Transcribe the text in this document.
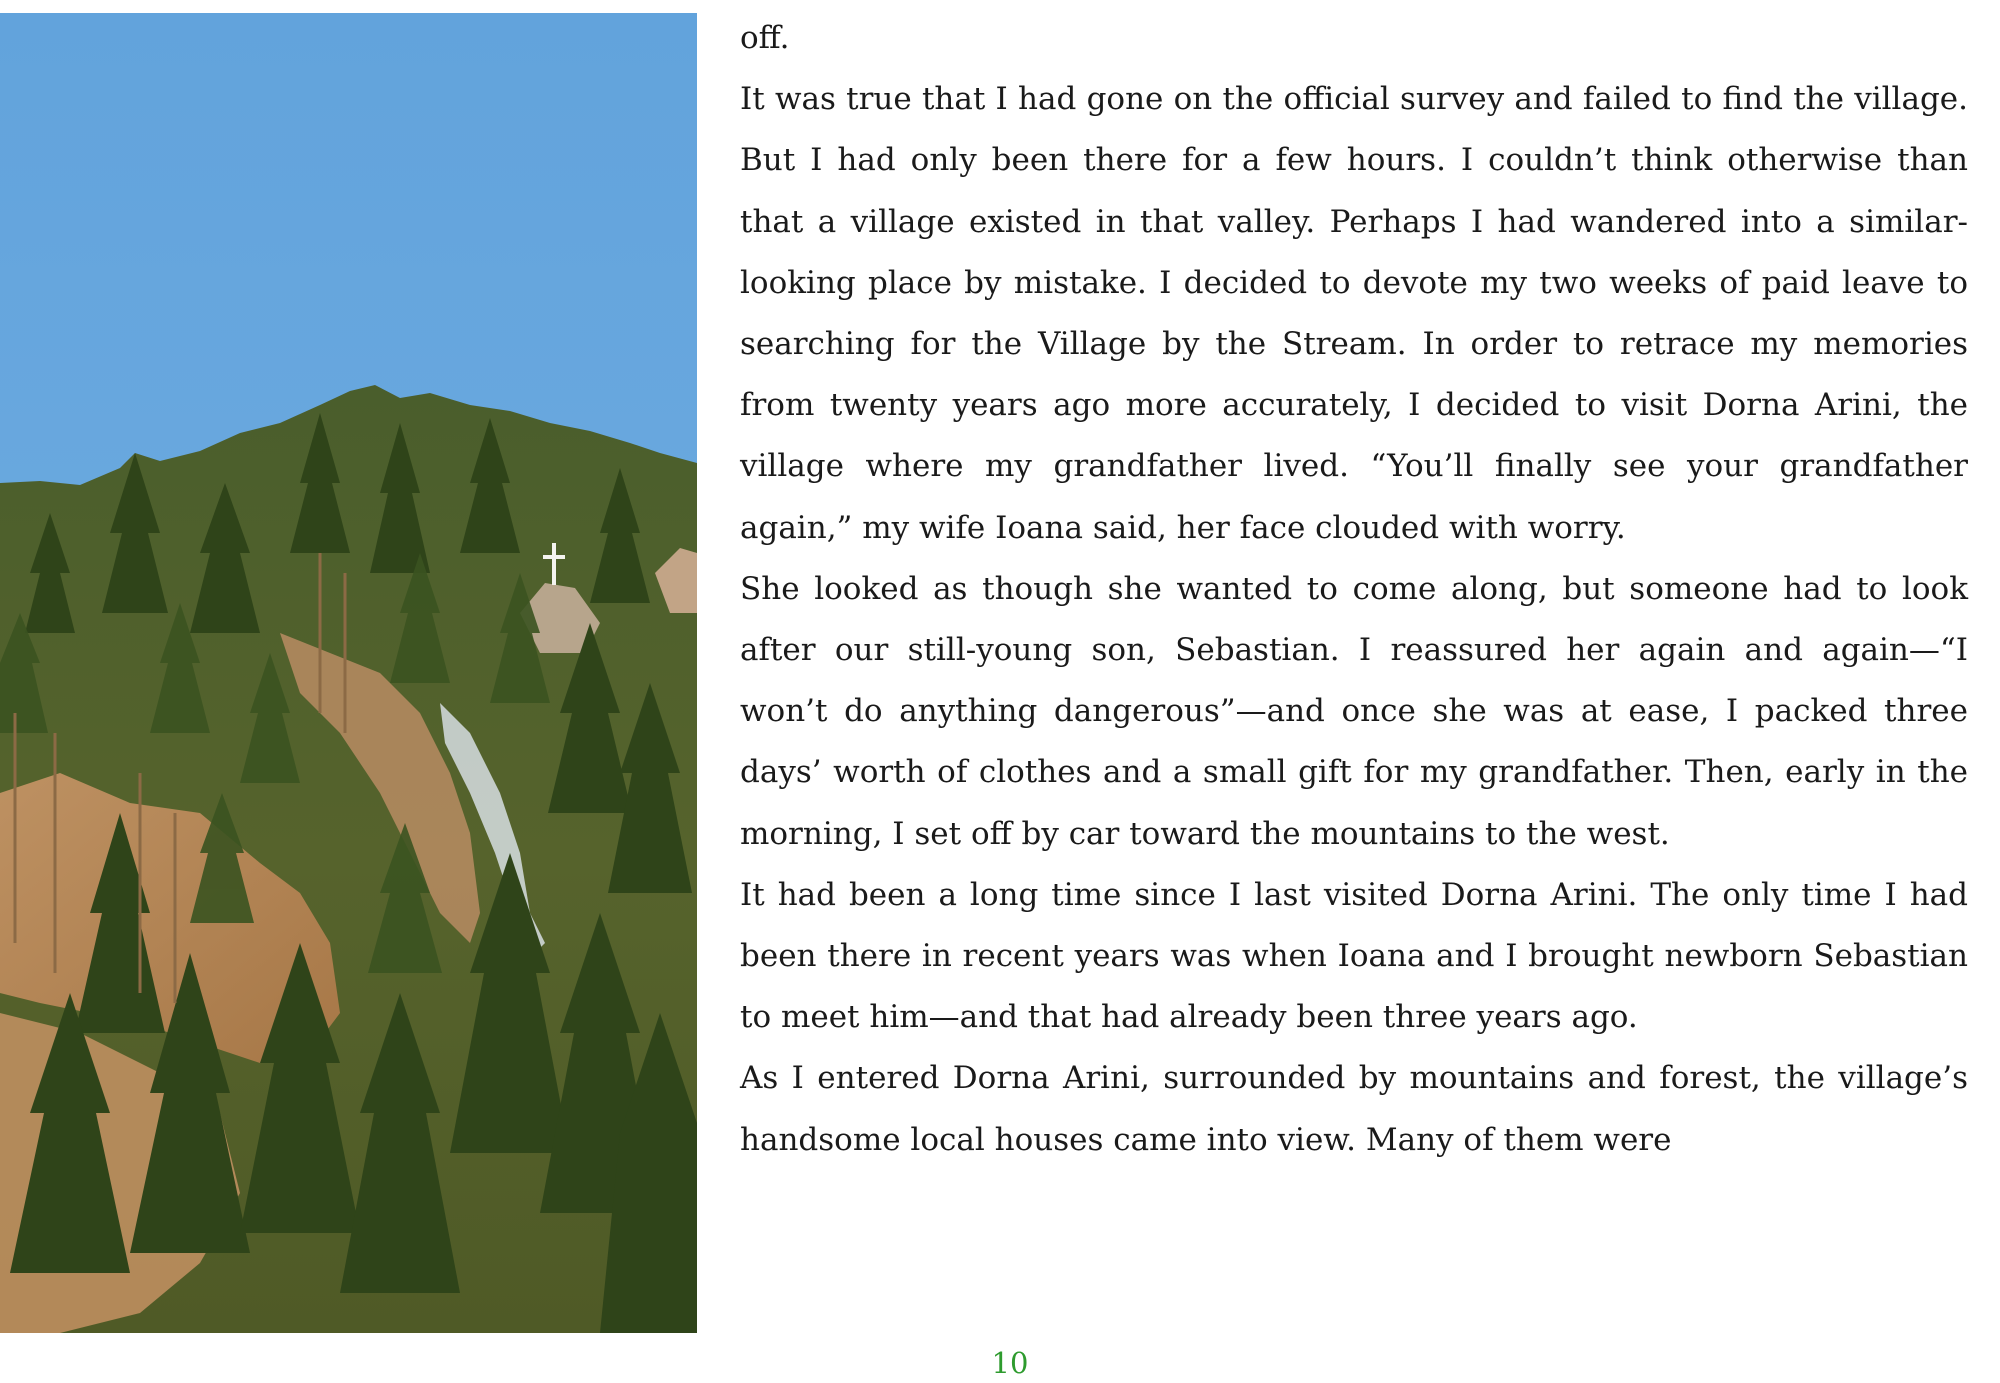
off.

It was true that I had gone on the official survey and failed to find the village. But I had only been there for a few hours. I couldn’t think otherwise than that a village existed in that valley. Perhaps I had wandered into a similar-looking place by mistake. I decided to devote my two weeks of paid leave to searching for the Village by the Stream. In order to retrace my memories from twenty years ago more accurately, I decided to visit Dorna Arini, the village where my grandfather lived. “You’ll finally see your grandfather again,” my wife Ioana said, her face clouded with worry.

She looked as though she wanted to come along, but someone had to look after our still-young son, Sebastian. I reassured her again and again—“I won’t do anything dangerous”—and once she was at ease, I packed three days’ worth of clothes and a small gift for my grandfather. Then, early in the morning, I set off by car toward the mountains to the west.

It had been a long time since I last visited Dorna Arini. The only time I had been there in recent years was when Ioana and I brought newborn Sebastian to meet him—and that had already been three years ago.

As I entered Dorna Arini, surrounded by mountains and forest, the village’s handsome local houses came into view. Many of them were

10
